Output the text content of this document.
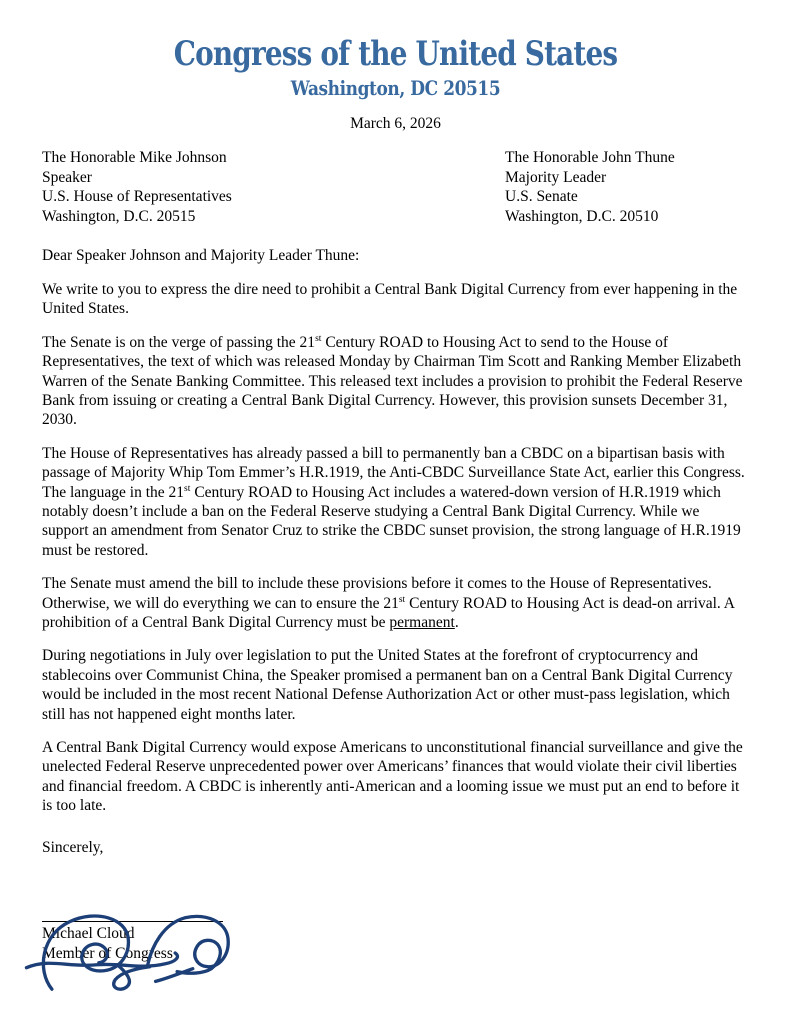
Congress of the United States
Washington, DC 20515
March 6, 2026
The Honorable Mike Johnson
Speaker
U.S. House of Representatives
Washington, D.C. 20515
The Honorable John Thune
Majority Leader
U.S. Senate
Washington, D.C. 20510
Dear Speaker Johnson and Majority Leader Thune:

We write to you to express the dire need to prohibit a Central Bank Digital Currency from ever happening in the United States.

The Senate is on the verge of passing the 21st Century ROAD to Housing Act to send to the House of Representatives, the text of which was released Monday by Chairman Tim Scott and Ranking Member Elizabeth Warren of the Senate Banking Committee. This released text includes a provision to prohibit the Federal Reserve Bank from issuing or creating a Central Bank Digital Currency. However, this provision sunsets December 31, 2030.

The House of Representatives has already passed a bill to permanently ban a CBDC on a bipartisan basis with passage of Majority Whip Tom Emmer’s H.R.1919, the Anti-CBDC Surveillance State Act, earlier this Congress. The language in the 21st Century ROAD to Housing Act includes a watered-down version of H.R.1919 which notably doesn’t include a ban on the Federal Reserve studying a Central Bank Digital Currency. While we support an amendment from Senator Cruz to strike the CBDC sunset provision, the strong language of H.R.1919 must be restored.

The Senate must amend the bill to include these provisions before it comes to the House of Representatives. Otherwise, we will do everything we can to ensure the 21st Century ROAD to Housing Act is dead-on arrival. A prohibition of a Central Bank Digital Currency must be permanent.

During negotiations in July over legislation to put the United States at the forefront of cryptocurrency and stablecoins over Communist China, the Speaker promised a permanent ban on a Central Bank Digital Currency would be included in the most recent National Defense Authorization Act or other must-pass legislation, which still has not happened eight months later.

A Central Bank Digital Currency would expose Americans to unconstitutional financial surveillance and give the unelected Federal Reserve unprecedented power over Americans’ finances that would violate their civil liberties and financial freedom. A CBDC is inherently anti-American and a looming issue we must put an end to before it is too late.

Sincerely,
Michael Cloud
Member of Congress
